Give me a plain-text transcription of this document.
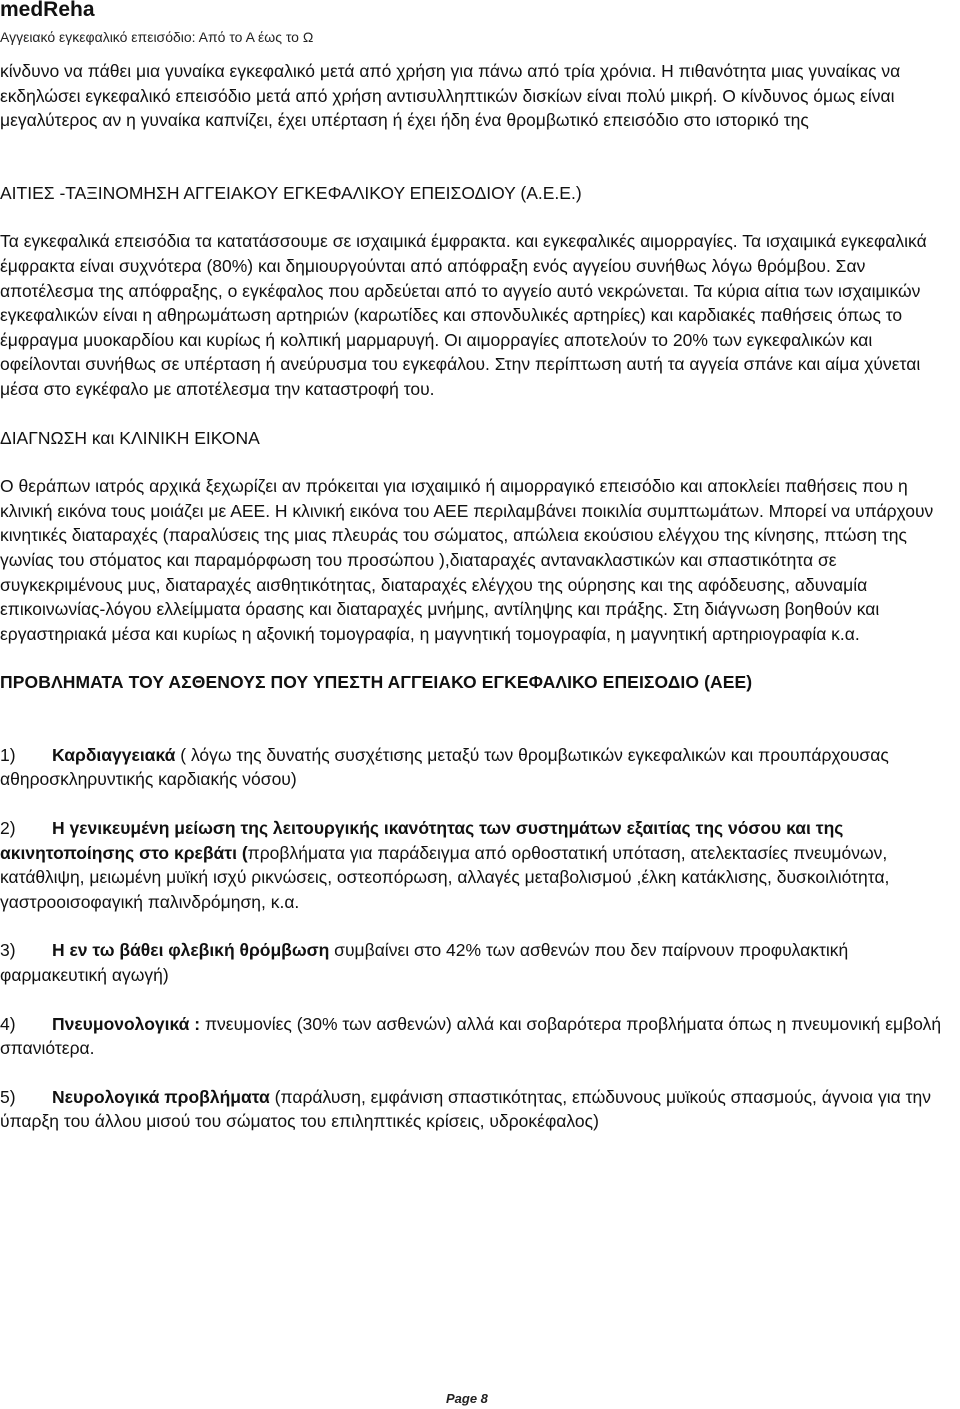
medReha
Αγγειακό εγκεφαλικό επεισόδιο: Από το Α έως το Ω

κίνδυνο να πάθει μια γυναίκα εγκεφαλικό μετά από χρήση για πάνω από τρία χρόνια. Η πιθανότητα μιας γυναίκας να εκδηλώσει εγκεφαλικό επεισόδιο μετά από χρήση αντισυλληπτικών δισκίων είναι πολύ μικρή. Ο κίνδυνος όμως είναι μεγαλύτερος αν η γυναίκα καπνίζει, έχει υπέρταση ή έχει ήδη ένα θρομβωτικό επεισόδιο στο ιστορικό της

ΑΙΤΙΕΣ -ΤΑΞΙΝΟΜΗΣΗ ΑΓΓΕΙΑΚΟΥ ΕΓΚΕΦΑΛΙΚΟΥ ΕΠΕΙΣΟΔΙΟΥ (Α.Ε.Ε.)

Τα εγκεφαλικά επεισόδια τα κατατάσσουμε σε ισχαιμικά έμφρακτα. και εγκεφαλικές αιμορραγίες. Τα ισχαιμικά εγκεφαλικά έμφρακτα είναι συχνότερα (80%) και δημιουργούνται από απόφραξη ενός αγγείου συνήθως λόγω θρόμβου. Σαν αποτέλεσμα της απόφραξης, ο εγκέφαλος που αρδεύεται από το αγγείο αυτό νεκρώνεται. Τα κύρια αίτια των ισχαιμικών εγκεφαλικών είναι η αθηρωμάτωση αρτηριών (καρωτίδες και σπονδυλικές αρτηρίες) και καρδιακές παθήσεις όπως το έμφραγμα μυοκαρδίου και κυρίως ή κολπική μαρμαρυγή. Οι αιμορραγίες αποτελούν το 20% των εγκεφαλικών και οφείλονται συνήθως σε υπέρταση ή ανεύρυσμα του εγκεφάλου. Στην περίπτωση αυτή τα αγγεία σπάνε και αίμα χύνεται μέσα στο εγκέφαλο με αποτέλεσμα την καταστροφή του.

ΔΙΑΓΝΩΣΗ και ΚΛΙΝΙΚΗ ΕΙΚΟΝΑ

Ο θεράπων ιατρός αρχικά ξεχωρίζει αν πρόκειται για ισχαιμικό ή αιμορραγικό επεισόδιο και αποκλείει παθήσεις που η κλινική εικόνα τους μοιάζει με ΑΕΕ. Η κλινική εικόνα του ΑΕΕ περιλαμβάνει ποικιλία συμπτωμάτων. Μπορεί να υπάρχουν κινητικές διαταραχές (παραλύσεις της μιας πλευράς του σώματος, απώλεια εκούσιου ελέγχου της κίνησης, πτώση της γωνίας του στόματος και παραμόρφωση του προσώπου ),διαταραχές αντανακλαστικών και σπαστικότητα σε συγκεκριμένους μυς, διαταραχές αισθητικότητας, διαταραχές ελέγχου της ούρησης και της αφόδευσης, αδυναμία επικοινωνίας-λόγου ελλείμματα όρασης και διαταραχές μνήμης, αντίληψης και πράξης. Στη διάγνωση βοηθούν και εργαστηριακά μέσα και κυρίως η αξονική τομογραφία, η μαγνητική τομογραφία, η μαγνητική αρτηριογραφία κ.α.

ΠΡΟΒΛΗΜΑΤΑ ΤΟΥ ΑΣΘΕΝΟΥΣ ΠΟΥ ΥΠΕΣΤΗ ΑΓΓΕΙΑΚΟ ΕΓΚΕΦΑΛΙΚΟ ΕΠΕΙΣΟΔΙΟ (ΑΕΕ)

1) Καρδιαγγειακά ( λόγω της δυνατής συσχέτισης μεταξύ των θρομβωτικών εγκεφαλικών και προυπάρχουσας αθηροσκληρυντικής καρδιακής νόσου)

2) Η γενικευμένη μείωση της λειτουργικής ικανότητας των συστημάτων εξαιτίας της νόσου και της ακινητοποίησης στο κρεβάτι (προβλήματα για παράδειγμα από ορθοστατική υπόταση, ατελεκτασίες πνευμόνων, κατάθλιψη, μειωμένη μυϊκή ισχύ ρικνώσεις, οστεοπόρωση, αλλαγές μεταβολισμού ,έλκη κατάκλισης, δυσκοιλιότητα, γαστροοισοφαγική παλινδρόμηση, κ.α.

3) Η εν τω βάθει φλεβική θρόμβωση συμβαίνει στο 42% των ασθενών που δεν παίρνουν προφυλακτική φαρμακευτική αγωγή)

4) Πνευμονολογικά : πνευμονίες (30% των ασθενών) αλλά και σοβαρότερα προβλήματα όπως η πνευμονική εμβολή σπανιότερα.

5) Νευρολογικά προβλήματα (παράλυση, εμφάνιση σπαστικότητας, επώδυνους μυϊκούς σπασμούς, άγνοια για την ύπαρξη του άλλου μισού του σώματος του επιληπτικές κρίσεις, υδροκέφαλος)

Page 8
